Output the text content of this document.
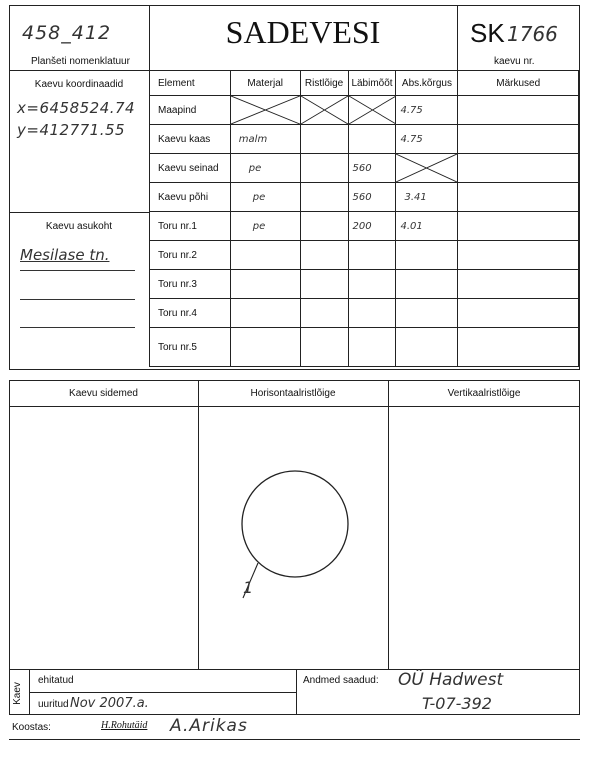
458_412
Planšeti nomenklatuur
SADEVESI	SK 1766
kaevu nr.
Kaevu koordinaadid
x=6458524.74
y=412771.55
Kaevu asukoht
Mesilase tn.
Element	Materjal	Ristlõige	Läbimõõt	Abs.kõrgus	Märkused
Maapind				4.75	
Kaevu kaas	malm			4.75	
Kaevu seinad	pe		560	

Kaevu põhi	pe		560	3.41	
Toru nr.1	pe		200	4.01	
Toru nr.2					
Toru nr.3					
Toru nr.4					
Toru nr.5					
Kaevu sidemed	Horisontaalristlõige	Vertikaalristlõige
1
Kaev
ehitatud
uuritud Nov 2007.a.
Andmed saadud: OÜ Hadwest
T-07-392
Koostas:	H.Rohutäid A.Arikas
